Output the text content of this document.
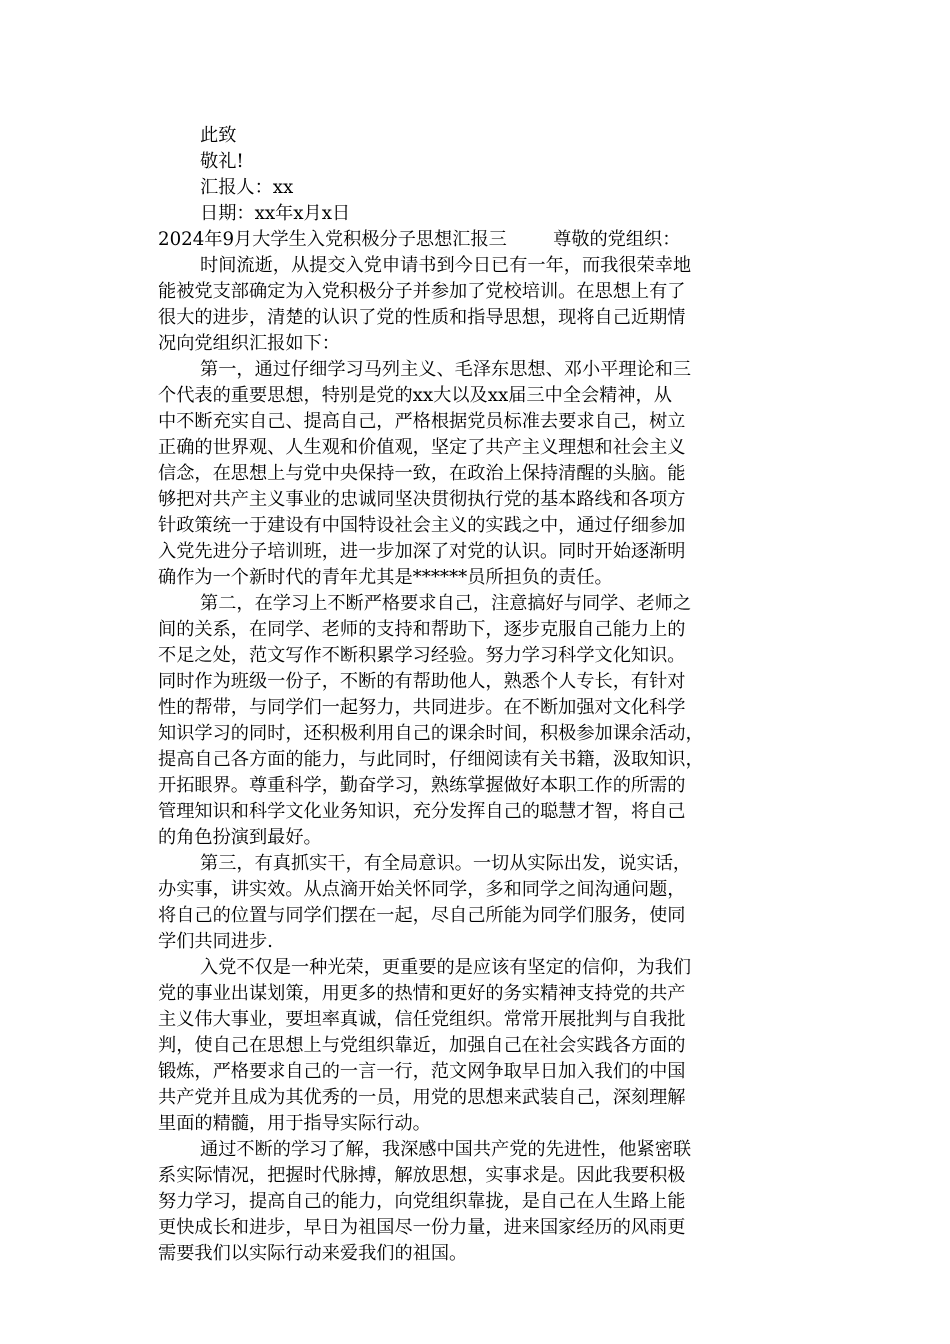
此致
敬礼!
汇报人：xx
日期：xx年x月x日
2024年9月大学生入党积极分子思想汇报三        尊敬的党组织：
时间流逝，从提交入党申请书到今日已有一年，而我很荣幸地
能被党支部确定为入党积极分子并参加了党校培训。在思想上有了
很大的进步，清楚的认识了党的性质和指导思想，现将自己近期情
况向党组织汇报如下：
第一，通过仔细学习马列主义、毛泽东思想、邓小平理论和三
个代表的重要思想，特别是党的xx大以及xx届三中全会精神，从
中不断充实自己、提高自己，严格根据党员标准去要求自己，树立
正确的世界观、人生观和价值观，坚定了共产主义理想和社会主义
信念，在思想上与党中央保持一致，在政治上保持清醒的头脑。能
够把对共产主义事业的忠诚同坚决贯彻执行党的基本路线和各项方
针政策统一于建设有中国特设社会主义的实践之中，通过仔细参加
入党先进分子培训班，进一步加深了对党的认识。同时开始逐渐明
确作为一个新时代的青年尤其是******员所担负的责任。
第二，在学习上不断严格要求自己，注意搞好与同学、老师之
间的关系，在同学、老师的支持和帮助下，逐步克服自己能力上的
不足之处，范文写作不断积累学习经验。努力学习科学文化知识。
同时作为班级一份子，不断的有帮助他人，熟悉个人专长，有针对
性的帮带，与同学们一起努力，共同进步。在不断加强对文化科学
知识学习的同时，还积极利用自己的课余时间，积极参加课余活动，
提高自己各方面的能力，与此同时，仔细阅读有关书籍，汲取知识，
开拓眼界。尊重科学，勤奋学习，熟练掌握做好本职工作的所需的
管理知识和科学文化业务知识，充分发挥自己的聪慧才智，将自己
的角色扮演到最好。
第三，有真抓实干，有全局意识。一切从实际出发，说实话，
办实事，讲实效。从点滴开始关怀同学，多和同学之间沟通问题，
将自己的位置与同学们摆在一起，尽自己所能为同学们服务，使同
学们共同进步.
入党不仅是一种光荣，更重要的是应该有坚定的信仰，为我们
党的事业出谋划策，用更多的热情和更好的务实精神支持党的共产
主义伟大事业，要坦率真诚，信任党组织。常常开展批判与自我批
判，使自己在思想上与党组织靠近，加强自己在社会实践各方面的
锻炼，严格要求自己的一言一行，范文网争取早日加入我们的中国
共产党并且成为其优秀的一员，用党的思想来武装自己，深刻理解
里面的精髓，用于指导实际行动。
通过不断的学习了解，我深感中国共产党的先进性，他紧密联
系实际情况，把握时代脉搏，解放思想，实事求是。因此我要积极
努力学习，提高自己的能力，向党组织靠拢，是自己在人生路上能
更快成长和进步，早日为祖国尽一份力量，进来国家经历的风雨更
需要我们以实际行动来爱我们的祖国。
